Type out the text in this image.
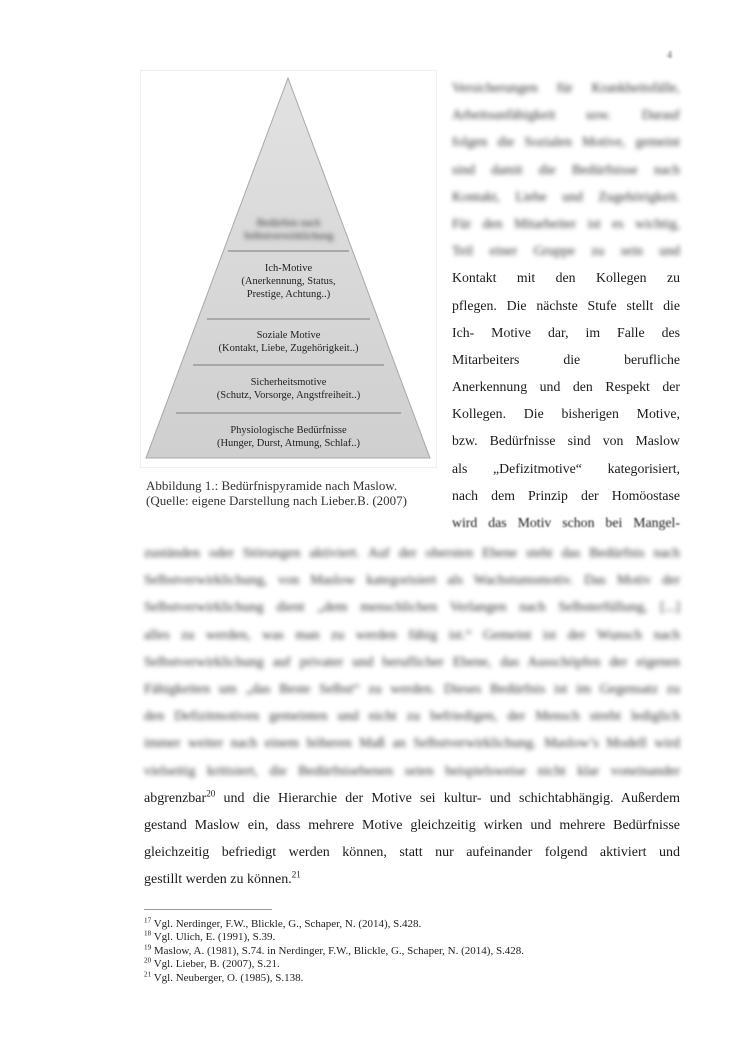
4
Bedürfnis nach
Selbstverwirklichung
Ich-Motive
(Anerkennung, Status,
Prestige, Achtung..)
Soziale Motive
(Kontakt, Liebe, Zugehörigkeit..)
Sicherheitsmotive
(Schutz, Vorsorge, Angstfreiheit..)
Physiologische Bedürfnisse
(Hunger, Durst, Atmung, Schlaf..)
Abbildung 1.: Bedürfnispyramide nach Maslow.
(Quelle: eigene Darstellung nach Lieber.B. (2007)
Versicherungen für Krankheitsfälle,
Arbeitsunfähigkeit usw. Darauf
folgen die Sozialen Motive, gemeint
sind damit die Bedürfnisse nach
Kontakt, Liebe und Zugehörigkeit.
Für den Mitarbeiter ist es wichtig,
Teil einer Gruppe zu sein und
Kontakt mit den Kollegen zu
pflegen. Die nächste Stufe stellt die
Ich- Motive dar, im Falle des
Mitarbeiters die berufliche
Anerkennung und den Respekt der
Kollegen. Die bisherigen Motive,
bzw. Bedürfnisse sind von Maslow
als „Defizitmotive“ kategorisiert,
nach dem Prinzip der Homöostase
wird das Motiv schon bei Mangel-
zuständen oder Störungen aktiviert. Auf der obersten Ebene steht das Bedürfnis nach
Selbstverwirklichung, von Maslow kategorisiert als Wachstumsmotiv. Das Motiv der
Selbstverwirklichung dient „dem menschlichen Verlangen nach Selbsterfüllung, [...]
alles zu werden, was man zu werden fähig ist.“ Gemeint ist der Wunsch nach
Selbstverwirklichung auf privater und beruflicher Ebene, das Ausschöpfen der eigenen
Fähigkeiten um „das Beste Selbst“ zu werden. Dieses Bedürfnis ist im Gegensatz zu
den Defizitmotiven gemeinten und nicht zu befriedigen, der Mensch strebt lediglich
immer weiter nach einem höheren Maß an Selbstverwirklichung. Maslow’s Modell wird
vielseitig kritisiert, die Bedürfnisebenen seien beispielsweise nicht klar voneinander
abgrenzbar$^{20}$ und die Hierarchie der Motive sei kultur- und schichtabhängig. Außerdem
gestand Maslow ein, dass mehrere Motive gleichzeitig wirken und mehrere Bedürfnisse
gleichzeitig befriedigt werden können, statt nur aufeinander folgend aktiviert und
gestillt werden zu können.$^{21}$
$^{17}$ Vgl. Nerdinger, F.W., Blickle, G., Schaper, N. (2014), S.428.
$^{18}$ Vgl. Ulich, E. (1991), S.39.
$^{19}$ Maslow, A. (1981), S.74. in Nerdinger, F.W., Blickle, G., Schaper, N. (2014), S.428.
$^{20}$ Vgl. Lieber, B. (2007), S.21.
$^{21}$ Vgl. Neuberger, O. (1985), S.138.
